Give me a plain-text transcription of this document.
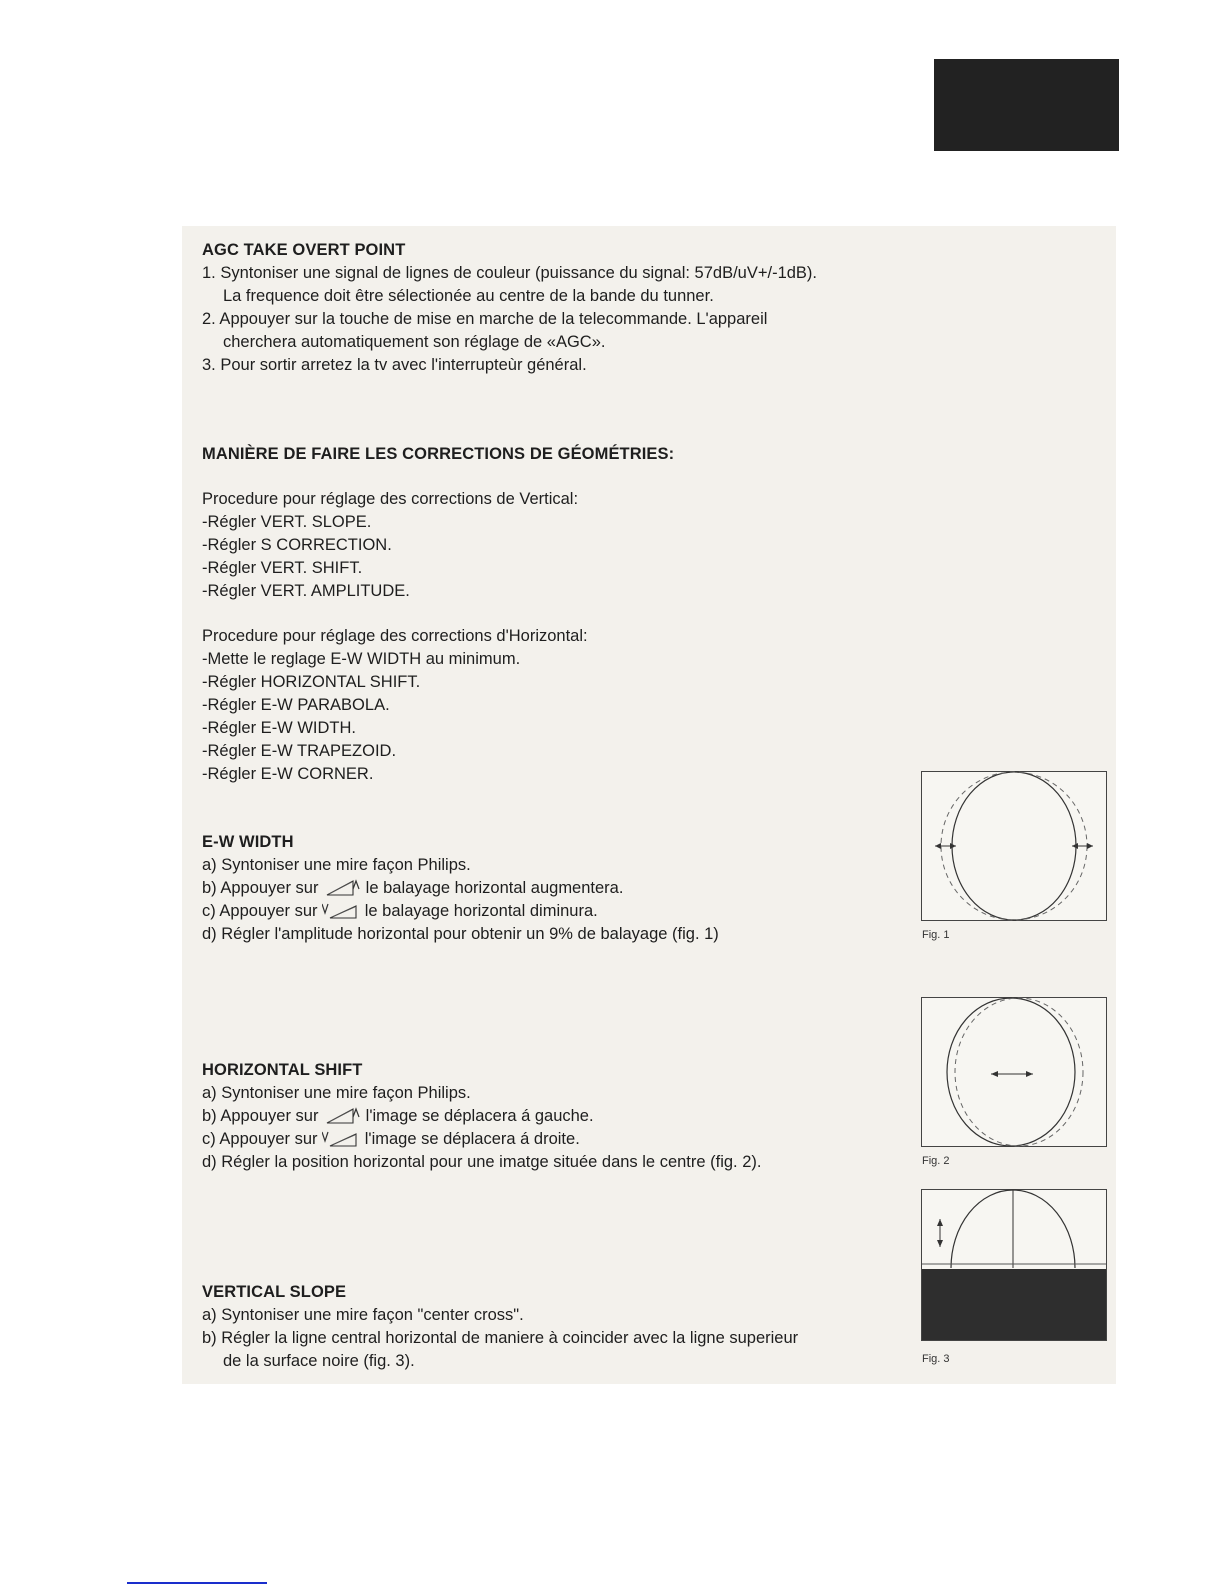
AGC TAKE OVERT POINT
1. Syntoniser une signal de lignes de couleur (puissance du signal: 57dB/uV+/-1dB).
La frequence doit être sélectionée au centre de la bande du tunner.
2. Appouyer sur la touche de mise en marche de la telecommande. L'appareil
cherchera automatiquement son réglage de «AGC».
3. Pour sortir arretez la tv avec l'interrupteùr général.
MANIÈRE DE FAIRE LES CORRECTIONS DE GÉOMÉTRIES:
Procedure pour réglage des corrections de Vertical:
-Régler VERT. SLOPE.
-Régler S CORRECTION.
-Régler VERT. SHIFT.
-Régler VERT. AMPLITUDE.
Procedure pour réglage des corrections d'Horizontal:
-Mette le reglage E-W WIDTH au minimum.
-Régler HORIZONTAL SHIFT.
-Régler E-W PARABOLA.
-Régler E-W WIDTH.
-Régler E-W TRAPEZOID.
-Régler E-W CORNER.
E-W WIDTH
a) Syntoniser une mire façon Philips.
b) Appouyer sur	le balayage horizontal augmentera.
c) Appouyer sur	le balayage horizontal diminura.
d) Régler l'amplitude horizontal pour obtenir un 9% de balayage (fig. 1)
HORIZONTAL SHIFT
a) Syntoniser une mire façon Philips.
b) Appouyer sur	l'image se déplacera á gauche.
c) Appouyer sur	l'image se déplacera á droite.
d) Régler la position horizontal pour une imatge située dans le centre (fig. 2).
VERTICAL SLOPE
a) Syntoniser une mire façon "center cross".
b) Régler la ligne central horizontal de maniere à coincider avec la ligne superieur
de la surface noire (fig. 3).
Fig. 1
Fig. 2
Fig. 3
